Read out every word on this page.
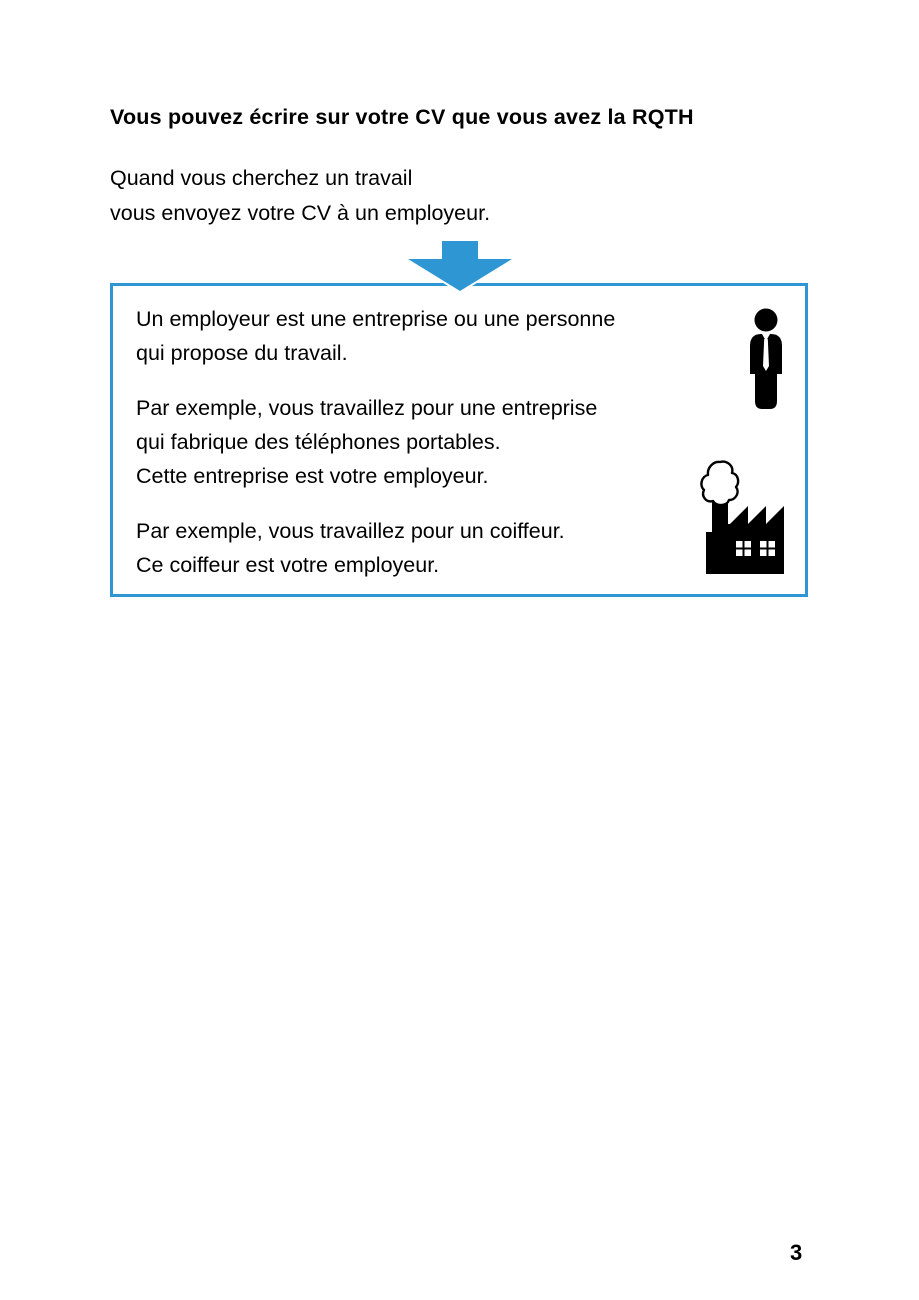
Vous pouvez écrire sur votre CV que vous avez la RQTH
Quand vous cherchez un travail
vous envoyez votre CV à un employeur.
Un employeur est une entreprise ou une personne
qui propose du travail.
Par exemple, vous travaillez pour une entreprise
qui fabrique des téléphones portables.
Cette entreprise est votre employeur.
Par exemple, vous travaillez pour un coiffeur.
Ce coiffeur est votre employeur.
3
